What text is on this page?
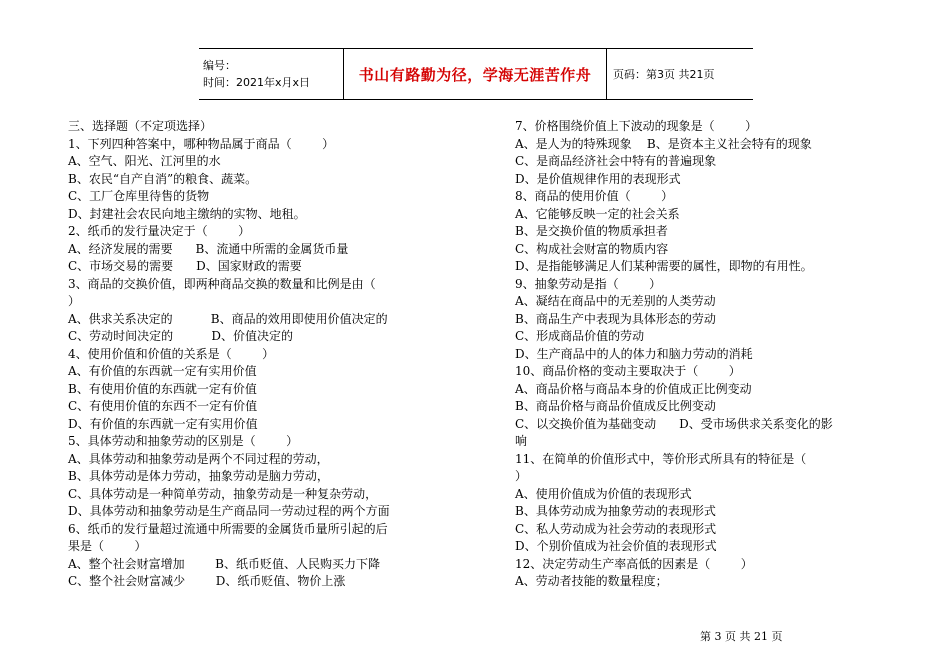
编号：
时间：2021年x月x日	书山有路勤为径，学海无涯苦作舟 页码：第3页 共21页
三、选择题（不定项选择）
1、下列四种答案中，哪种物品属于商品（        ）
A、空气、阳光、江河里的水
B、农民“自产自消”的粮食、蔬菜。
C、工厂仓库里待售的货物
D、封建社会农民向地主缴纳的实物、地租。
2、纸币的发行量决定于（        ）
A、经济发展的需要      B、流通中所需的金属货币量
C、市场交易的需要      D、国家财政的需要
3、商品的交换价值，即两种商品交换的数量和比例是由（
）
A、供求关系决定的          B、商品的效用即使用价值决定的
C、劳动时间决定的          D、价值决定的
4、使用价值和价值的关系是（        ）
A、有价值的东西就一定有实用价值
B、有使用价值的东西就一定有价值
C、有使用价值的东西不一定有价值
D、有价值的东西就一定有实用价值
5、具体劳动和抽象劳动的区别是（        ）
A、具体劳动和抽象劳动是两个不同过程的劳动，
B、具体劳动是体力劳动，抽象劳动是脑力劳动，
C、具体劳动是一种简单劳动，抽象劳动是一种复杂劳动，
D、具体劳动和抽象劳动是生产商品同一劳动过程的两个方面
6、纸币的发行量超过流通中所需要的金属货币量所引起的后
果是（        ）
A、整个社会财富增加        B、纸币贬值、人民购买力下降
C、整个社会财富减少        D、纸币贬值、物价上涨
7、价格围绕价值上下波动的现象是（        ）
A、是人为的特殊现象    B、是资本主义社会特有的现象
C、是商品经济社会中特有的普遍现象
D、是价值规律作用的表现形式
8、商品的使用价值（        ）
A、它能够反映一定的社会关系
B、是交换价值的物质承担者
C、构成社会财富的物质内容
D、是指能够满足人们某种需要的属性，即物的有用性。
9、抽象劳动是指（        ）
A、凝结在商品中的无差别的人类劳动
B、商品生产中表现为具体形态的劳动
C、形成商品价值的劳动
D、生产商品中的人的体力和脑力劳动的消耗
10、商品价格的变动主要取决于（        ）
A、商品价格与商品本身的价值成正比例变动
B、商品价格与商品价值成反比例变动
C、以交换价值为基础变动      D、受市场供求关系变化的影
响
11、在简单的价值形式中，等价形式所具有的特征是（
）
A、使用价值成为价值的表现形式
B、具体劳动成为抽象劳动的表现形式
C、私人劳动成为社会劳动的表现形式
D、个别价值成为社会价值的表现形式
12、决定劳动生产率高低的因素是（        ）
A、劳动者技能的数量程度；
第 3 页 共 21 页
